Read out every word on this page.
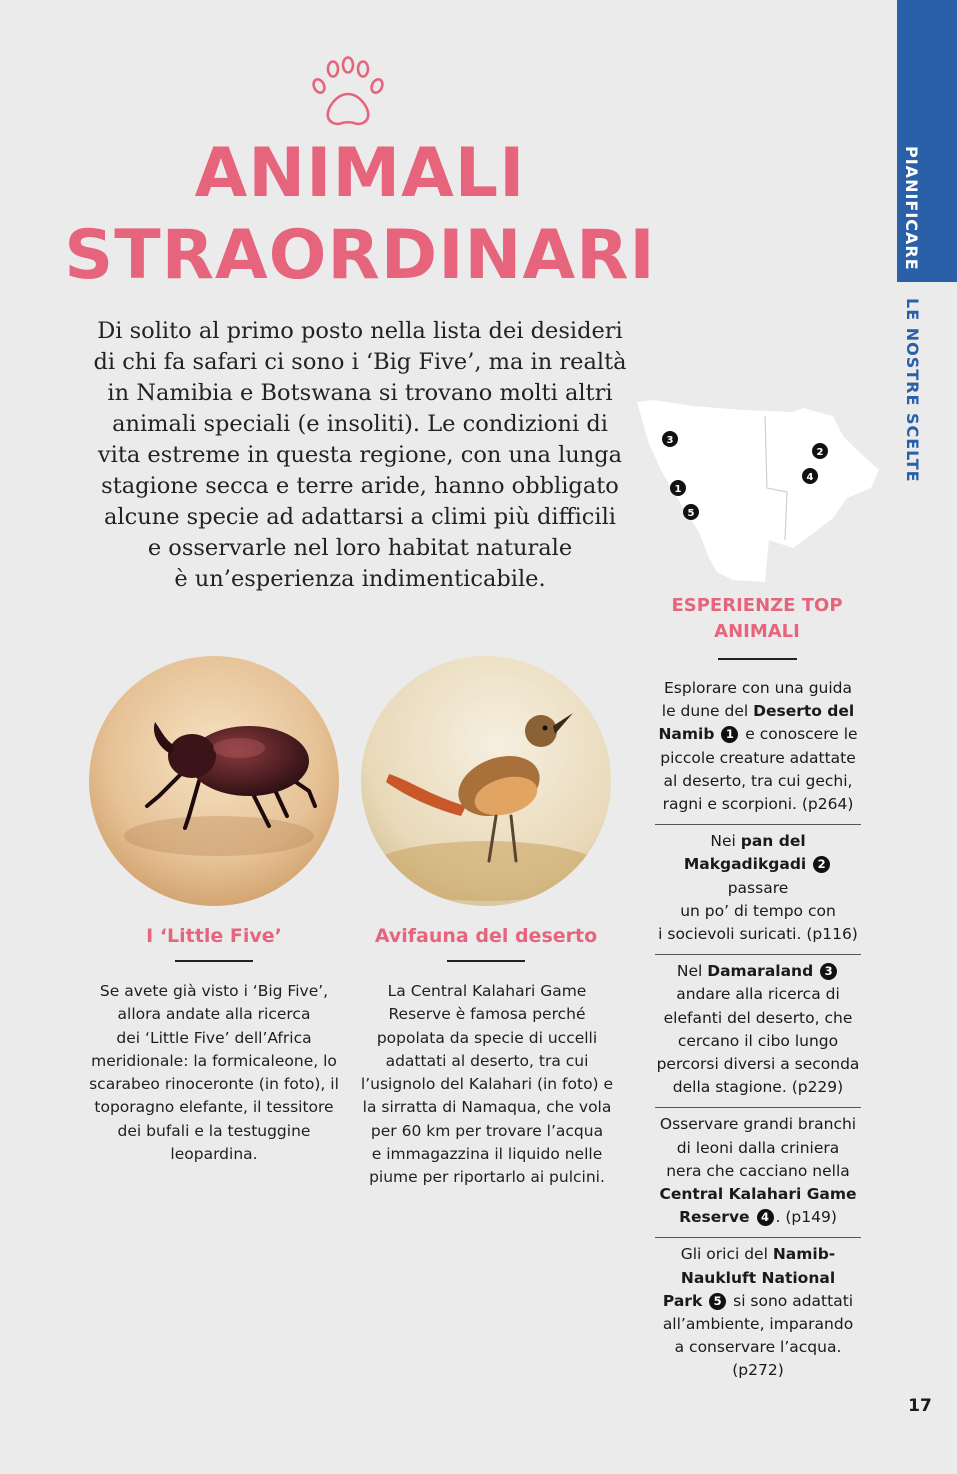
PIANIFICARE
LE NOSTRE SCELTE
ANIMALI
STRAORDINARI
Di solito al primo posto nella lista dei desideri
di chi fa safari ci sono i ‘Big Five’, ma in realtà
in Namibia e Botswana si trovano molti altri
animali speciali (e insoliti). Le condizioni di
vita estreme in questa regione, con una lunga
stagione secca e terre aride, hanno obbligato
alcune specie ad adattarsi a climi più difficili
e osservarle nel loro habitat naturale
è un’esperienza indimenticabile.
I ‘Little Five’
Se avete già visto i ‘Big Five’,
allora andate alla ricerca
dei ‘Little Five’ dell’Africa
meridionale: la formicaleone, lo
scarabeo rinoceronte (in foto), il
toporagno elefante, il tessitore
dei bufali e la testuggine
leopardina.
Avifauna del deserto
La Central Kalahari Game
Reserve è famosa perché
popolata da specie di uccelli
adattati al deserto, tra cui
l’usignolo del Kalahari (in foto) e
la sirratta di Namaqua, che vola
per 60 km per trovare l’acqua
e immagazzina il liquido nelle
piume per riportarlo ai pulcini.
3
2
4
1
5
ESPERIENZE TOP
ANIMALI
Esplorare con una guida
le dune del Deserto del
Namib 1 e conoscere le
piccole creature adattate
al deserto, tra cui gechi,
ragni e scorpioni. (p264)
Nei pan del
Makgadikgadi 2 passare
un po’ di tempo con
i socievoli suricati. (p116)
Nel Damaraland 3
andare alla ricerca di
elefanti del deserto, che
cercano il cibo lungo
percorsi diversi a seconda
della stagione. (p229)
Osservare grandi branchi
di leoni dalla criniera
nera che cacciano nella
Central Kalahari Game
Reserve 4 . (p149)
Gli orici del Namib-
Naukluft National
Park 5 si sono adattati
all’ambiente, imparando
a conservare l’acqua.
(p272)
17
